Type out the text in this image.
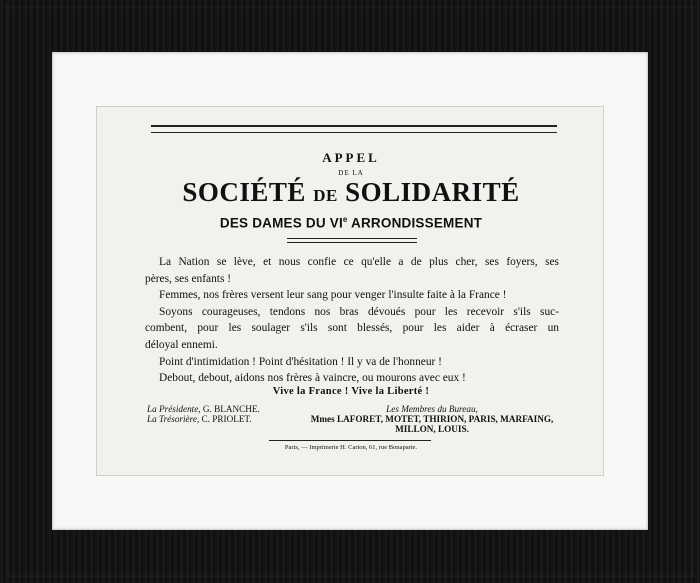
APPEL
DE LA
SOCIÉTÉ DE SOLIDARITÉ
DES DAMES DU VIe ARRONDISSEMENT

La Nation se lève, et nous confie ce qu'elle a de plus cher, ses foyers, ses

pères, ses enfants !

Femmes, nos frères versent leur sang pour venger l'insulte faite à la France !

Soyons courageuses, tendons nos bras dévoués pour les recevoir s'ils suc-

combent, pour les soulager s'ils sont blessés, pour les aider à écraser un

déloyal ennemi.

Point d'intimidation ! Point d'hésitation ! Il y va de l'honneur !

Debout, debout, aidons nos frères à vaincre, ou mourons avec eux !

Vive la France ! Vive la Liberté !
La Présidente, G. BLANCHE.
La Trésorière, C. PRIOLET.
Les Membres du Bureau,
Mmes LAFORET, MOTET, THIRION, PARIS, MARFAING,
MILLON, LOUIS.
Paris, — Imprimerie H. Carion, 61, rue Bonaparte.
